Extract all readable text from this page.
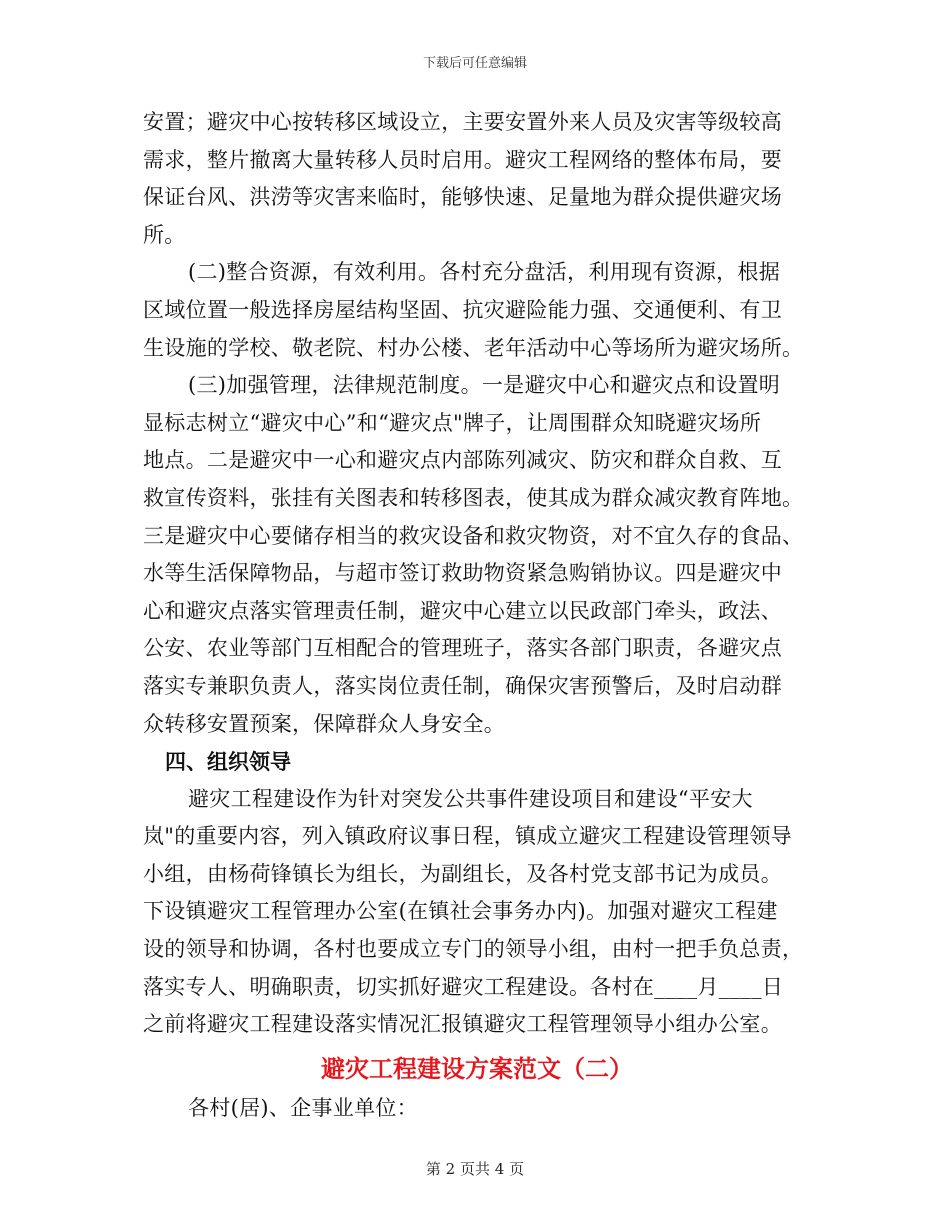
下载后可任意编辑

安置；避灾中心按转移区域设立，主要安置外来人员及灾害等级较高
需求，整片撤离大量转移人员时启用。避灾工程网络的整体布局，要
保证台风、洪涝等灾害来临时，能够快速、足量地为群众提供避灾场
所。

(二)整合资源，有效利用。各村充分盘活，利用现有资源，根据
区域位置一般选择房屋结构坚固、抗灾避险能力强、交通便利、有卫
生设施的学校、敬老院、村办公楼、老年活动中心等场所为避灾场所。

(三)加强管理，法律规范制度。一是避灾中心和避灾点和设置明
显标志树立“避灾中心”和“避灾点"牌子，让周围群众知晓避灾场所
地点。二是避灾中一心和避灾点内部陈列减灾、防灾和群众自救、互
救宣传资料，张挂有关图表和转移图表，使其成为群众减灾教育阵地。
三是避灾中心要储存相当的救灾设备和救灾物资，对不宜久存的食品、
水等生活保障物品，与超市签订救助物资紧急购销协议。四是避灾中
心和避灾点落实管理责任制，避灾中心建立以民政部门牵头，政法、
公安、农业等部门互相配合的管理班子，落实各部门职责，各避灾点
落实专兼职负责人，落实岗位责任制，确保灾害预警后，及时启动群
众转移安置预案，保障群众人身安全。

四、组织领导

避灾工程建设作为针对突发公共事件建设项目和建设“平安大
岚"的重要内容，列入镇政府议事日程，镇成立避灾工程建设管理领导
小组，由杨荷锋镇长为组长，为副组长，及各村党支部书记为成员。
下设镇避灾工程管理办公室(在镇社会事务办内)。加强对避灾工程建
设的领导和协调，各村也要成立专门的领导小组，由村一把手负总责，
落实专人、明确职责，切实抓好避灾工程建设。各村在____月____日
之前将避灾工程建设落实情况汇报镇避灾工程管理领导小组办公室。

避灾工程建设方案范文（二）

各村(居)、企事业单位：

第 2 页共 4 页
